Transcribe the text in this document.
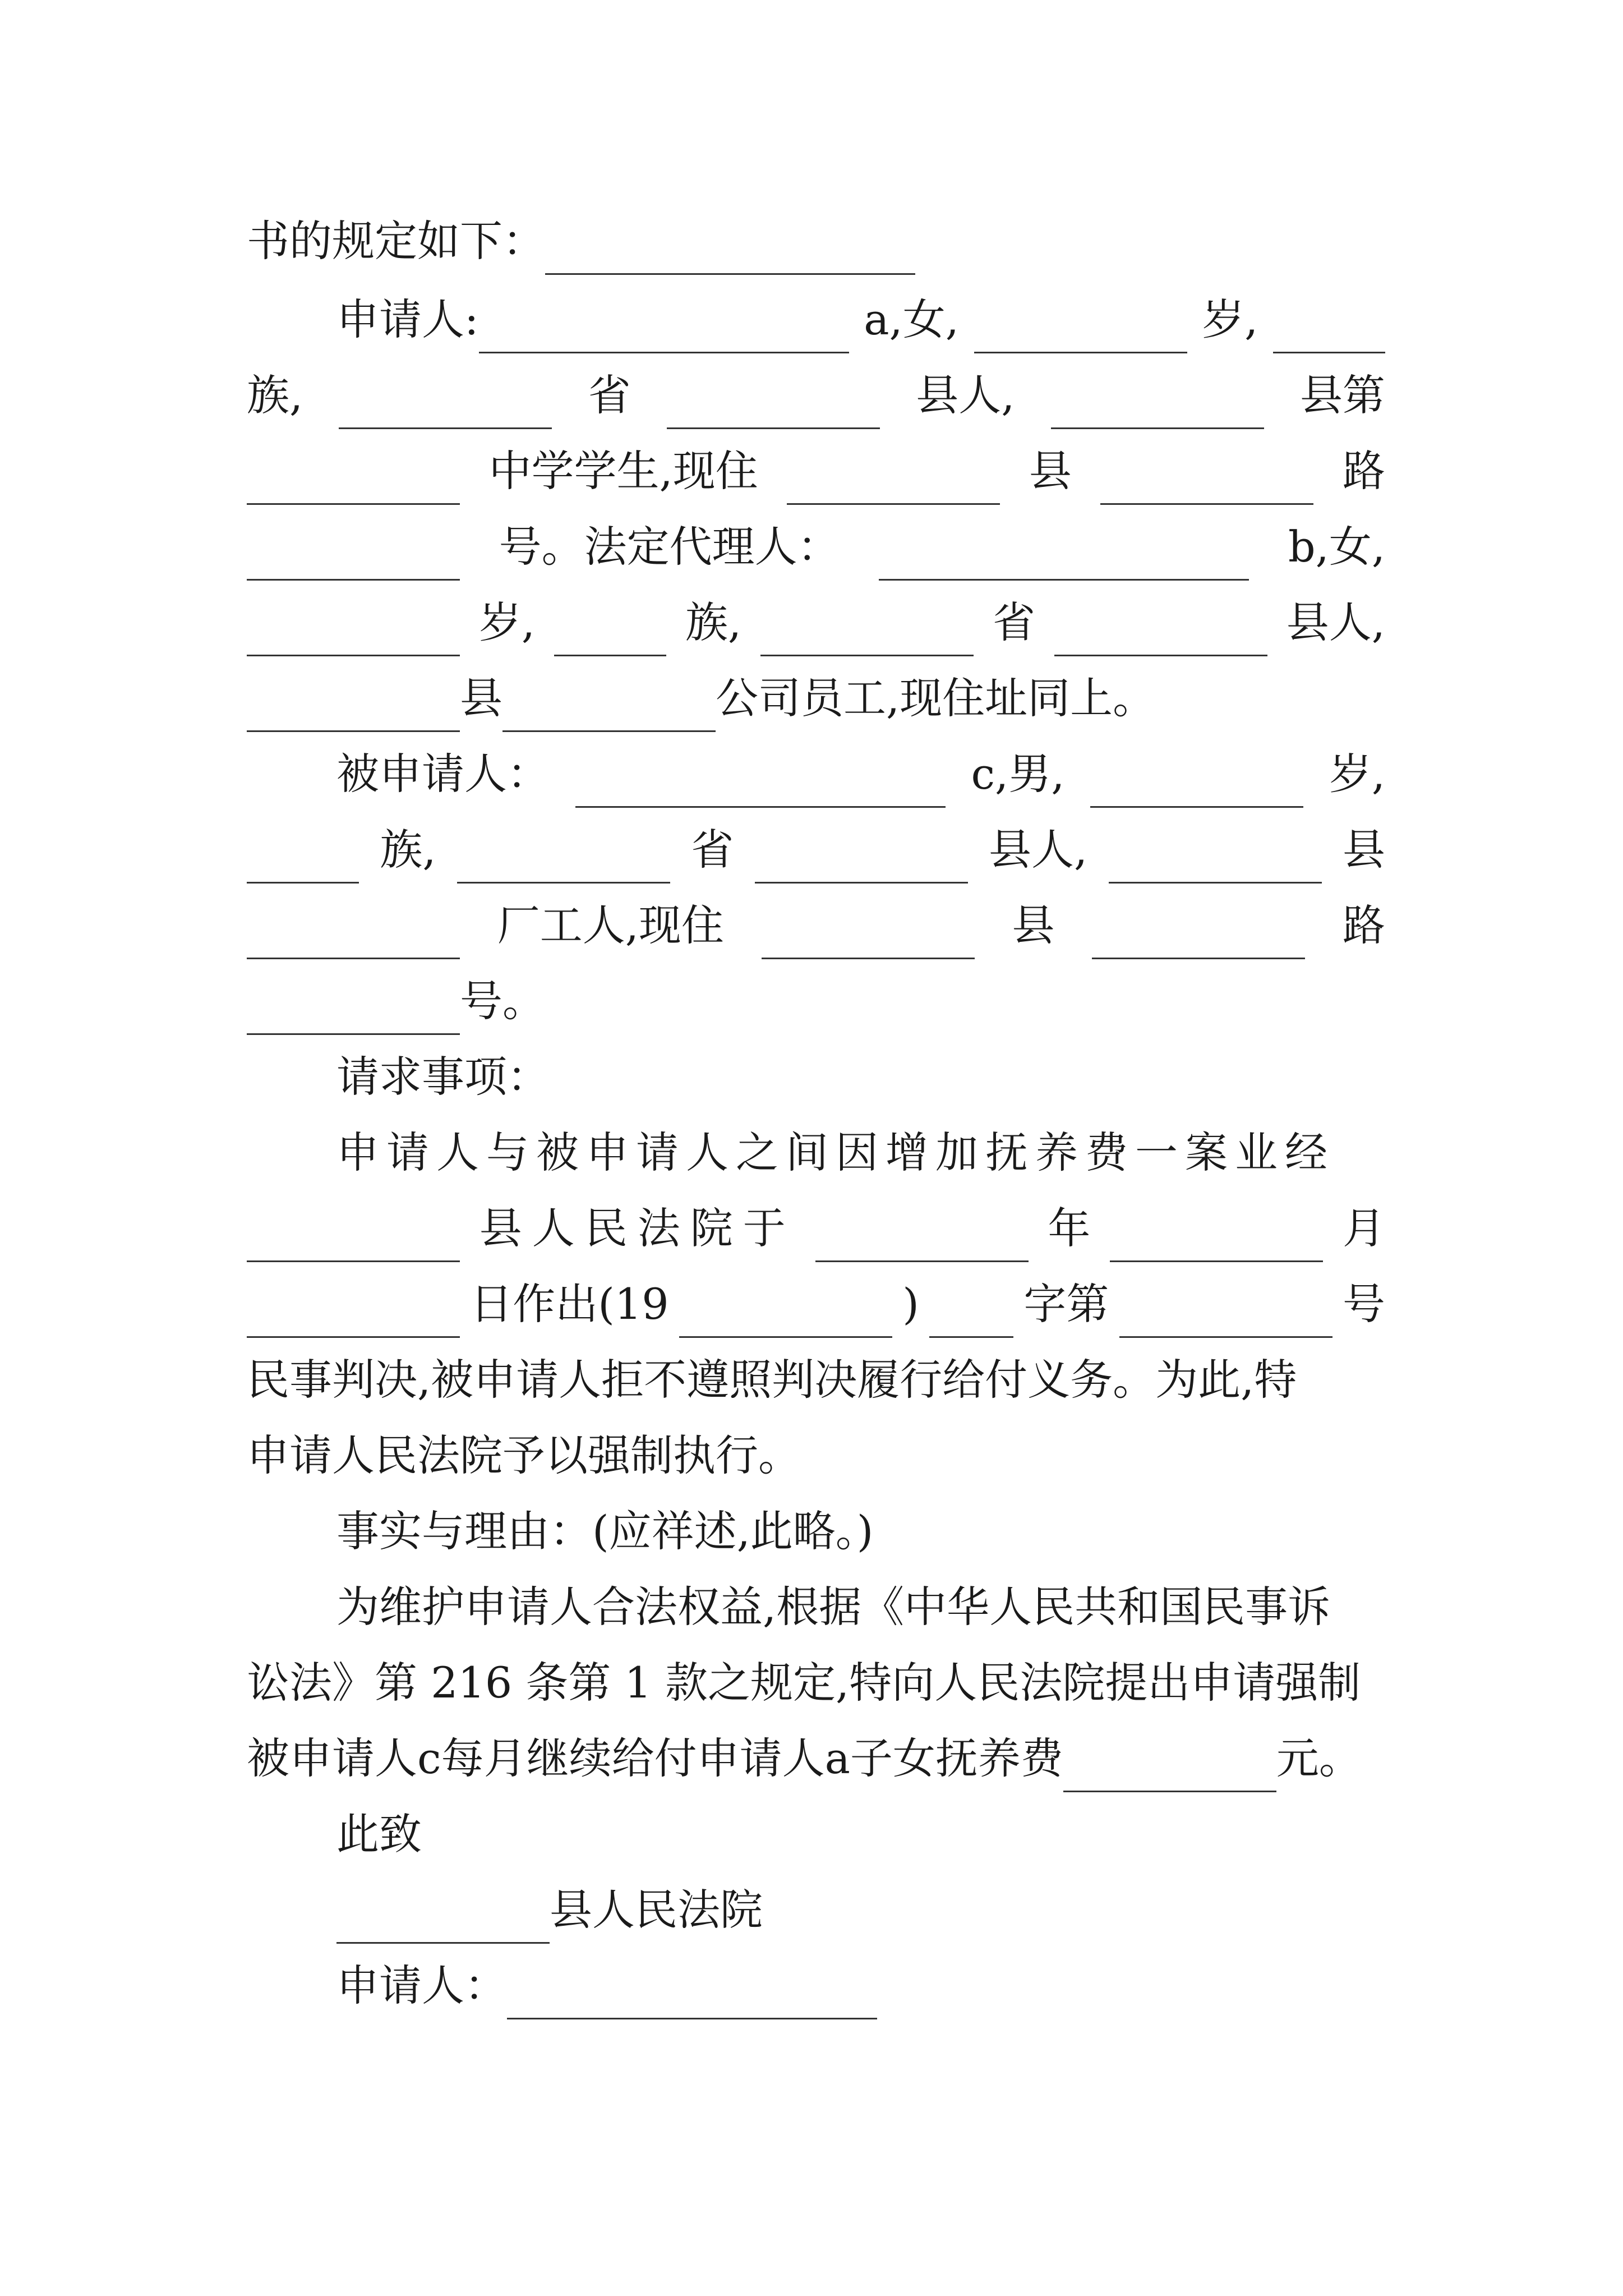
书的规定如下：
申请人:	a,女,	岁,
族,	省	县人,	县第
中学学生,现住	县	路
号。法定代理人：	b,女,
岁,	族,	省	县人,
县	公司员工,现住址同上。
被申请人：	c,男,	岁,
族,	省	县人,	县
厂工人,现住	县	路
号。
请求事项：
申请人与被申请人之间因增加抚养费一案业经
县人民法院于	年	月
日作出(19	) 字第	号
民事判决,被申请人拒不遵照判决履行给付义务。为此,特
申请人民法院予以强制执行。
事实与理由：(应祥述,此略。)
为维护申请人合法权益,根据《中华人民共和国民事诉
讼法》第 216 条第 1 款之规定,特向人民法院提出申请强制
被申请人c每月继续给付申请人a子女抚养费	元。
此致
县人民法院
申请人：
